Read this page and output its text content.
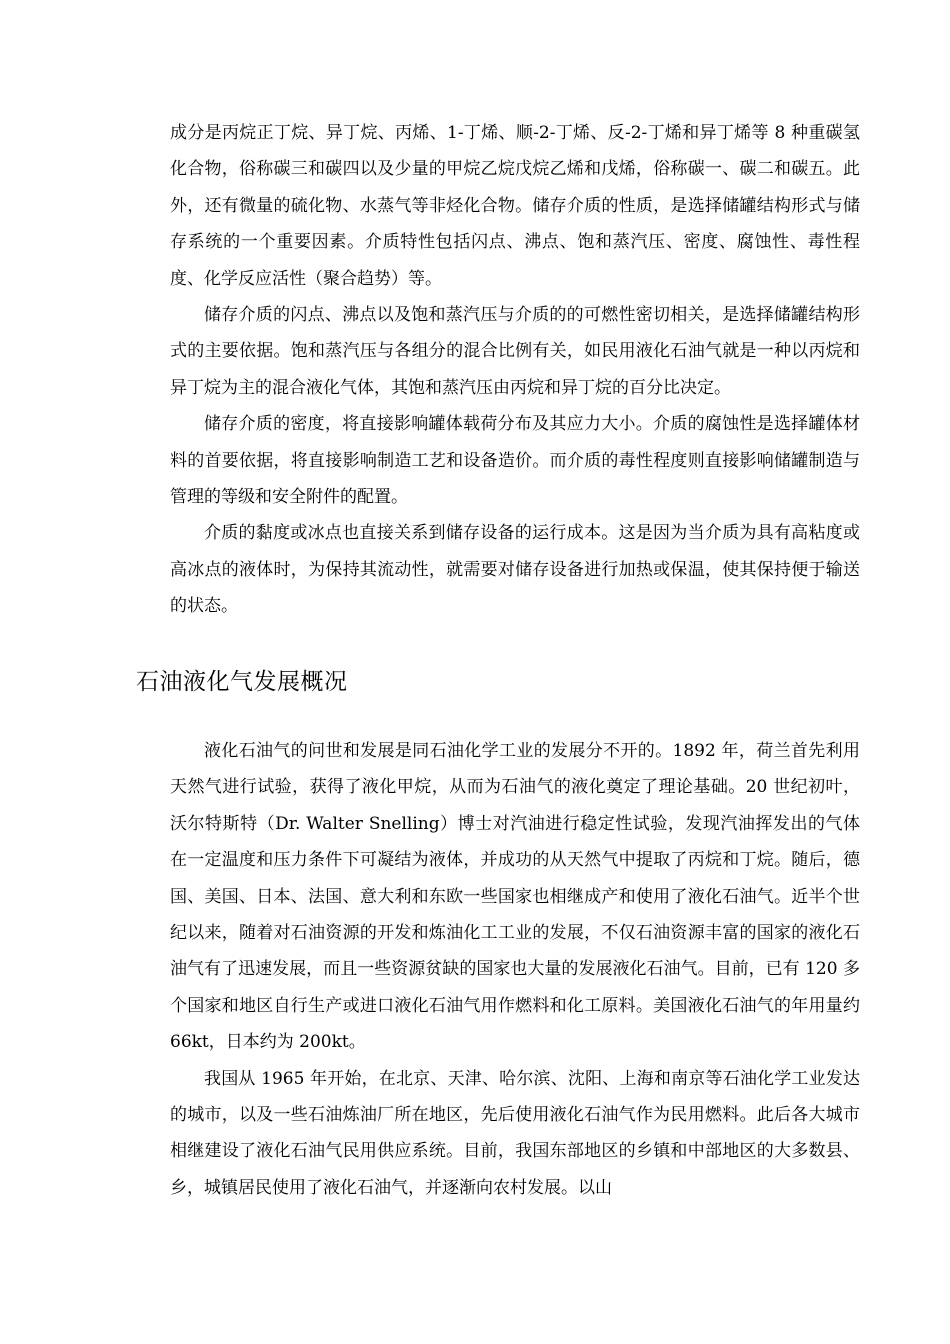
成分是丙烷正丁烷、异丁烷、丙烯、1-丁烯、顺-2-丁烯、反-2-丁烯和异丁烯等 8 种重碳氢化合物，俗称碳三和碳四以及少量的甲烷乙烷戊烷乙烯和戊烯，俗称碳一、碳二和碳五。此外，还有微量的硫化物、水蒸气等非烃化合物。储存介质的性质，是选择储罐结构形式与储存系统的一个重要因素。介质特性包括闪点、沸点、饱和蒸汽压、密度、腐蚀性、毒性程度、化学反应活性（聚合趋势）等。

储存介质的闪点、沸点以及饱和蒸汽压与介质的的可燃性密切相关，是选择储罐结构形式的主要依据。饱和蒸汽压与各组分的混合比例有关，如民用液化石油气就是一种以丙烷和异丁烷为主的混合液化气体，其饱和蒸汽压由丙烷和异丁烷的百分比决定。

储存介质的密度，将直接影响罐体载荷分布及其应力大小。介质的腐蚀性是选择罐体材料的首要依据，将直接影响制造工艺和设备造价。而介质的毒性程度则直接影响储罐制造与管理的等级和安全附件的配置。

介质的黏度或冰点也直接关系到储存设备的运行成本。这是因为当介质为具有高粘度或高冰点的液体时，为保持其流动性，就需要对储存设备进行加热或保温，使其保持便于输送的状态。

石油液化气发展概况

液化石油气的问世和发展是同石油化学工业的发展分不开的。1892 年，荷兰首先利用天然气进行试验，获得了液化甲烷，从而为石油气的液化奠定了理论基础。20 世纪初叶，沃尔特斯特（Dr. Walter Snelling）博士对汽油进行稳定性试验，发现汽油挥发出的气体在一定温度和压力条件下可凝结为液体，并成功的从天然气中提取了丙烷和丁烷。随后，德国、美国、日本、法国、意大利和东欧一些国家也相继成产和使用了液化石油气。近半个世纪以来，随着对石油资源的开发和炼油化工工业的发展，不仅石油资源丰富的国家的液化石油气有了迅速发展，而且一些资源贫缺的国家也大量的发展液化石油气。目前，已有 120 多个国家和地区自行生产或进口液化石油气用作燃料和化工原料。美国液化石油气的年用量约 66kt，日本约为 200kt。

我国从 1965 年开始，在北京、天津、哈尔滨、沈阳、上海和南京等石油化学工业发达的城市，以及一些石油炼油厂所在地区，先后使用液化石油气作为民用燃料。此后各大城市相继建设了液化石油气民用供应系统。目前，我国东部地区的乡镇和中部地区的大多数县、乡，城镇居民使用了液化石油气，并逐渐向农村发展。以山
